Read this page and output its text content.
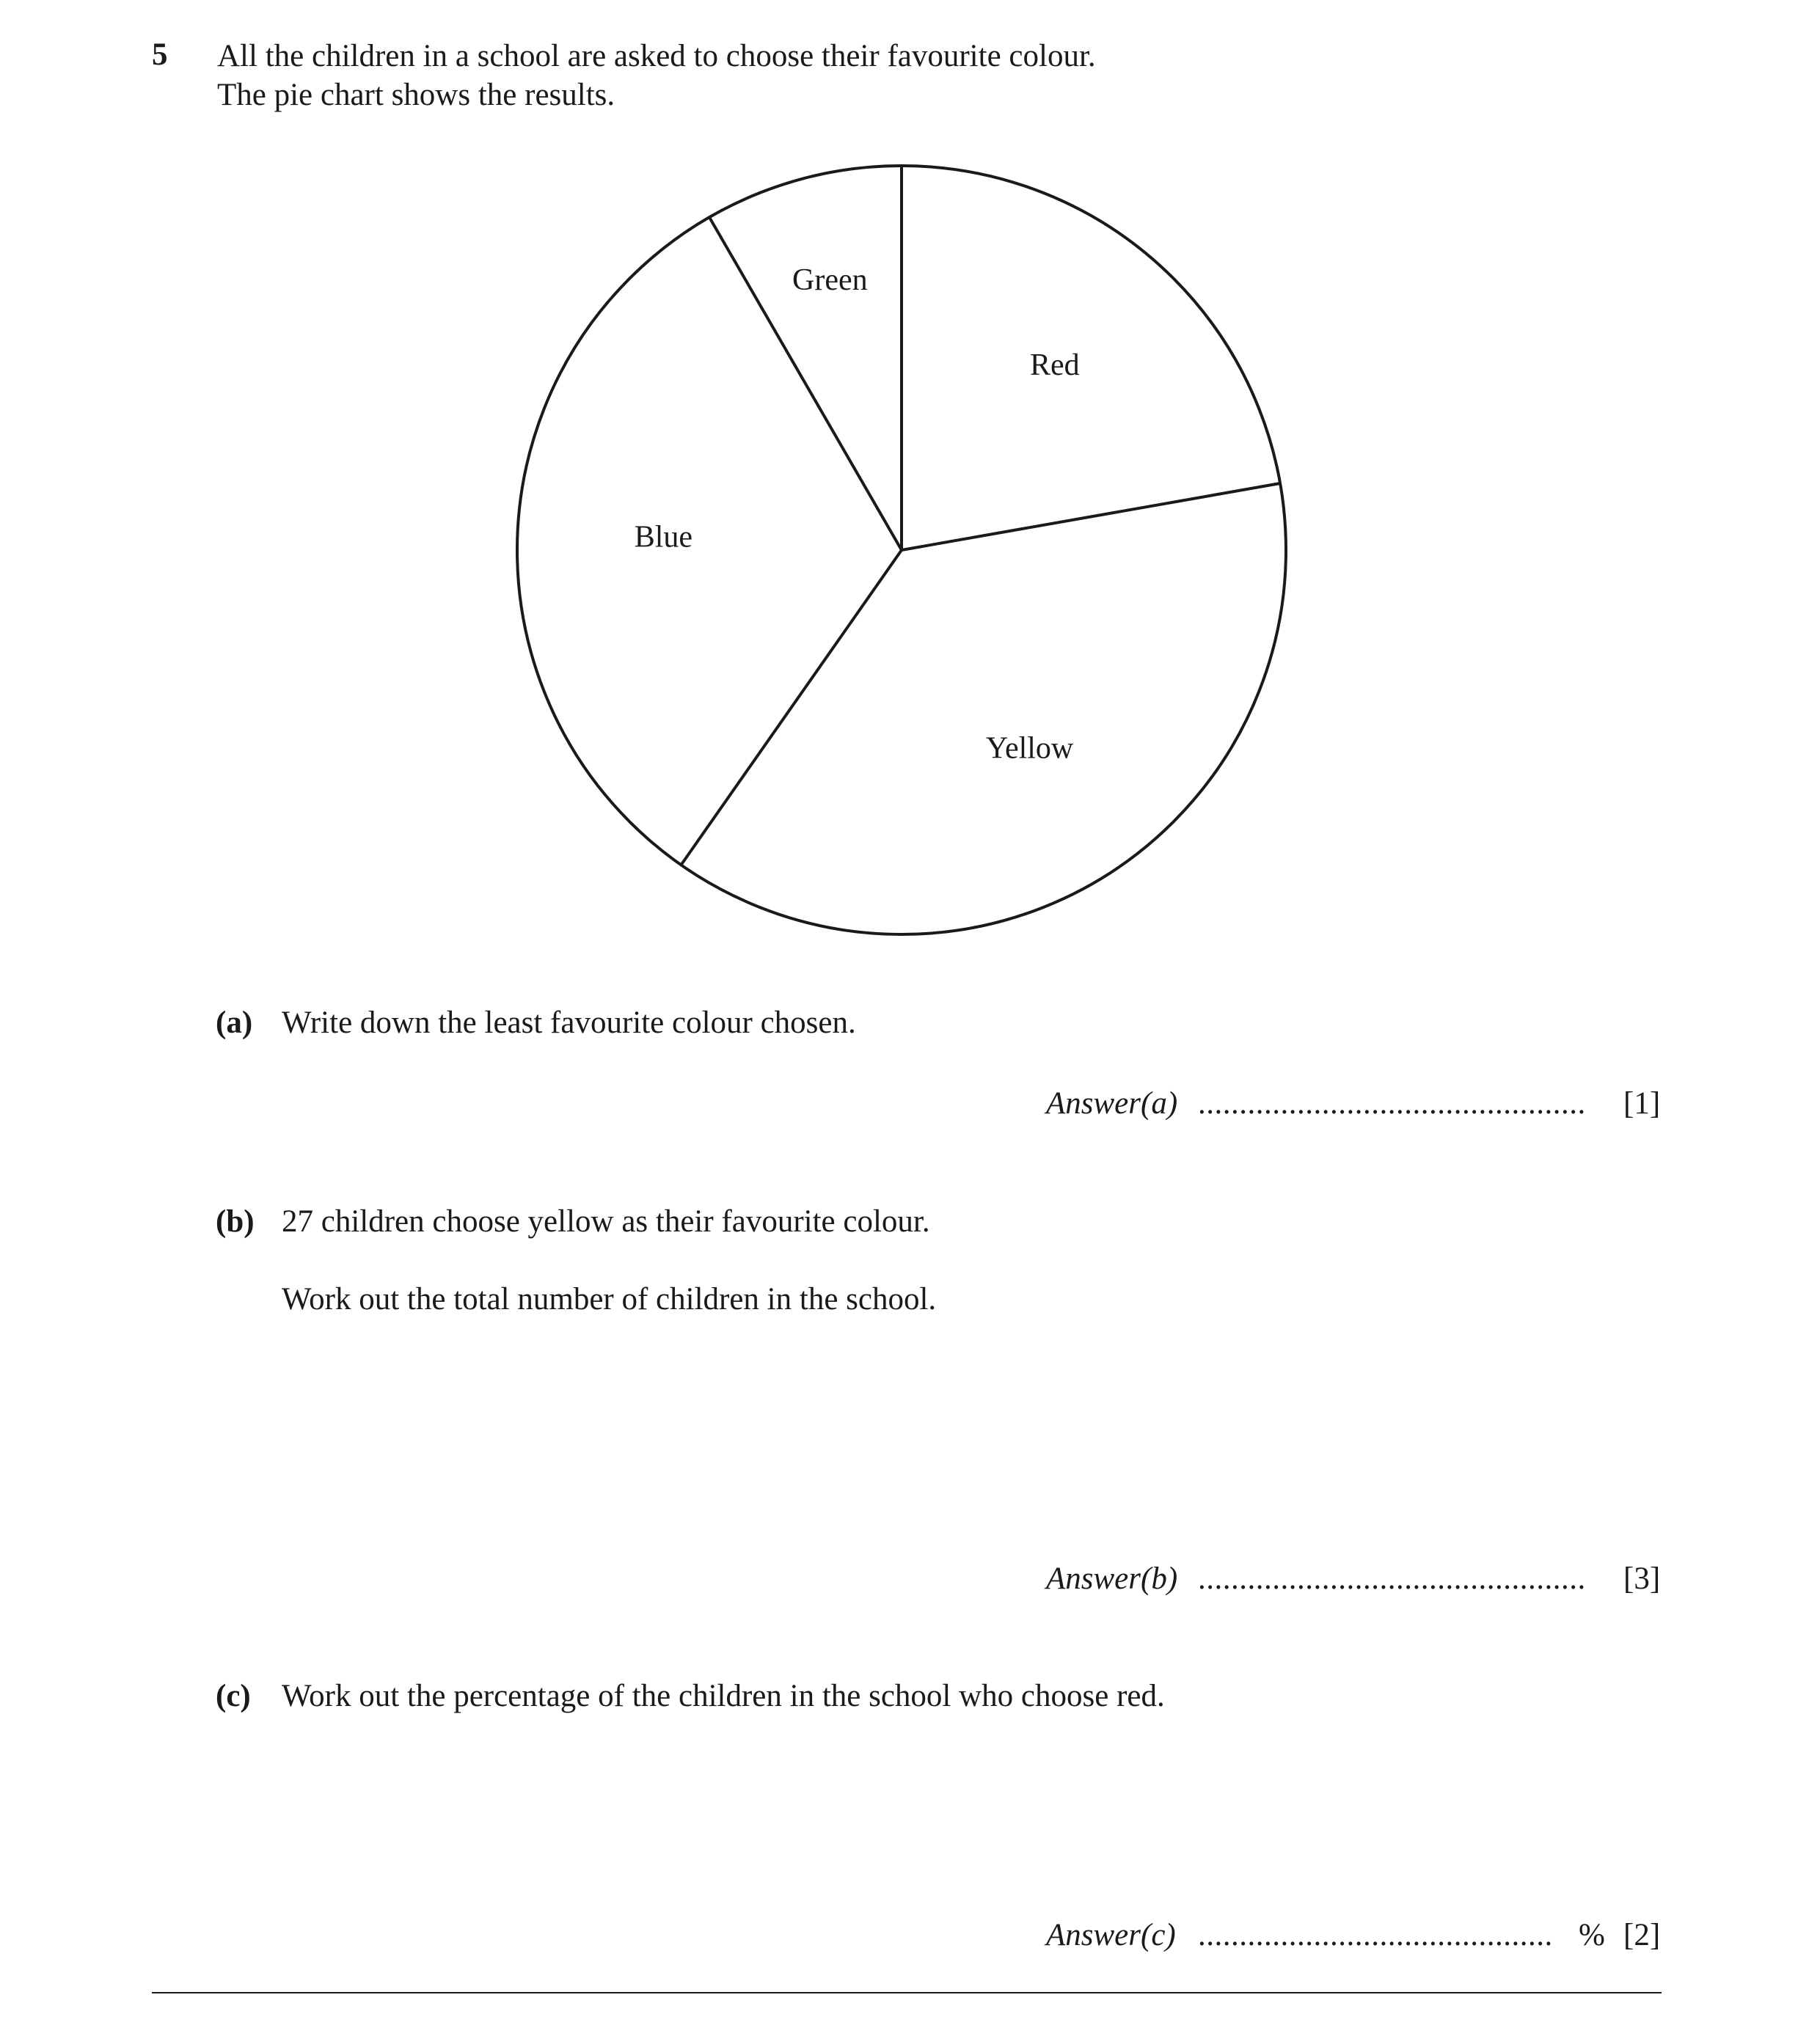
5 All the children in a school are asked to choose their favourite colour.
The pie chart shows the results.
Red
Yellow
Blue
Green
(a) Write down the least favourite colour chosen.
Answer(a) ............................................... [1]
(b) 27 children choose yellow as their favourite colour.
Work out the total number of children in the school.
Answer(b) ............................................... [3]
(c) Work out the percentage of the children in the school who choose red.
Answer(c) ........................................... % [2]
